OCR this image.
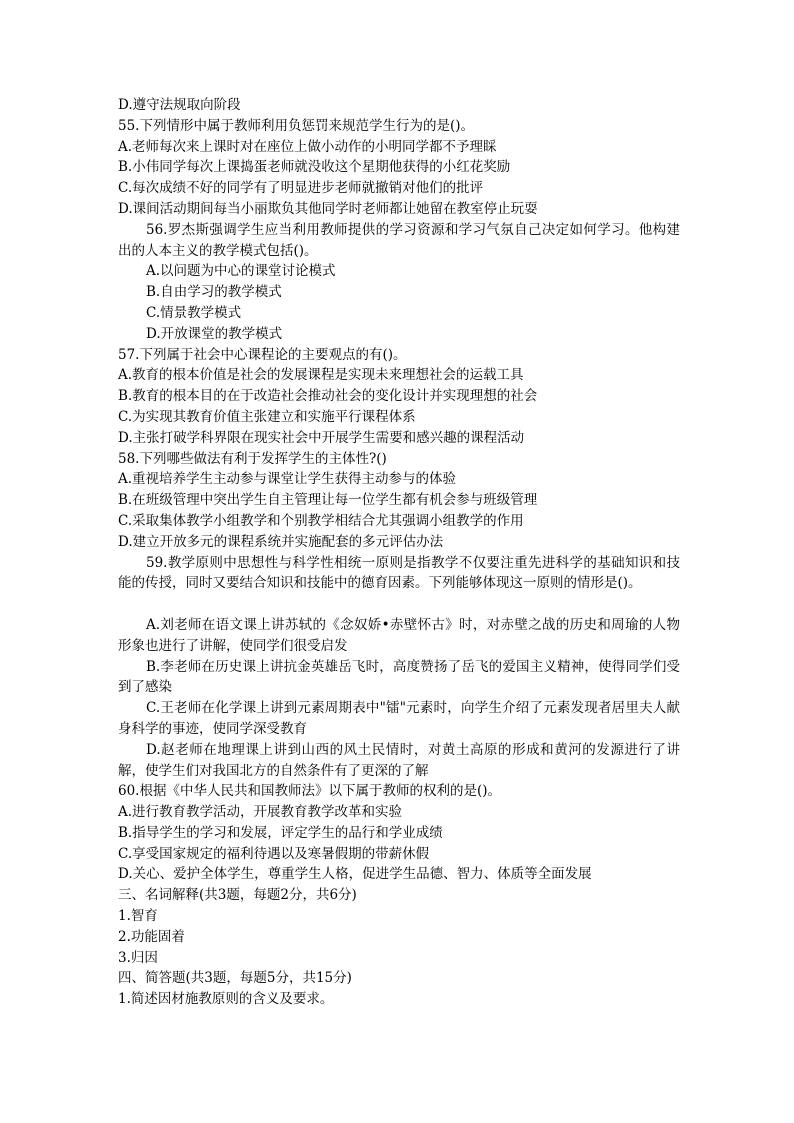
D.遵守法规取向阶段
55.下列情形中属于教师利用负惩罚来规范学生行为的是()。
A.老师每次来上课时对在座位上做小动作的小明同学都不予理睬
B.小伟同学每次上课捣蛋老师就没收这个星期他获得的小红花奖励
C.每次成绩不好的同学有了明显进步老师就撤销对他们的批评
D.课间活动期间每当小丽欺负其他同学时老师都让她留在教室停止玩耍
56.罗杰斯强调学生应当利用教师提供的学习资源和学习气氛自己决定如何学习。他构建出的人本主义的教学模式包括()。
A.以问题为中心的课堂讨论模式
B.自由学习的教学模式
C.情景教学模式
D.开放课堂的教学模式
57.下列属于社会中心课程论的主要观点的有()。
A.教育的根本价值是社会的发展课程是实现未来理想社会的运载工具
B.教育的根本目的在于改造社会推动社会的变化设计并实现理想的社会
C.为实现其教育价值主张建立和实施平行课程体系
D.主张打破学科界限在现实社会中开展学生需要和感兴趣的课程活动
58.下列哪些做法有利于发挥学生的主体性?()
A.重视培养学生主动参与课堂让学生获得主动参与的体验
B.在班级管理中突出学生自主管理让每一位学生都有机会参与班级管理
C.采取集体教学小组教学和个别教学相结合尤其强调小组教学的作用
D.建立开放多元的课程系统并实施配套的多元评估办法
59.教学原则中思想性与科学性相统一原则是指教学不仅要注重先进科学的基础知识和技能的传授，同时又要结合知识和技能中的德育因素。下列能够体现这一原则的情形是()。
A.刘老师在语文课上讲苏轼的《念奴娇•赤壁怀古》时，对赤壁之战的历史和周瑜的人物形象也进行了讲解，使同学们很受启发
B.李老师在历史课上讲抗金英雄岳飞时，高度赞扬了岳飞的爱国主义精神，使得同学们受到了感染
C.王老师在化学课上讲到元素周期表中"镭"元素时，向学生介绍了元素发现者居里夫人献身科学的事迹，使同学深受教育
D.赵老师在地理课上讲到山西的风土民情时，对黄土高原的形成和黄河的发源进行了讲解，使学生们对我国北方的自然条件有了更深的了解
60.根据《中华人民共和国教师法》以下属于教师的权利的是()。
A.进行教育教学活动，开展教育教学改革和实验
B.指导学生的学习和发展，评定学生的品行和学业成绩
C.享受国家规定的福利待遇以及寒暑假期的带薪休假
D.关心、爱护全体学生，尊重学生人格，促进学生品德、智力、体质等全面发展
三、名词解释(共3题，每题2分，共6分)
1.智育
2.功能固着
3.归因
四、简答题(共3题，每题5分，共15分)
1.简述因材施教原则的含义及要求。
